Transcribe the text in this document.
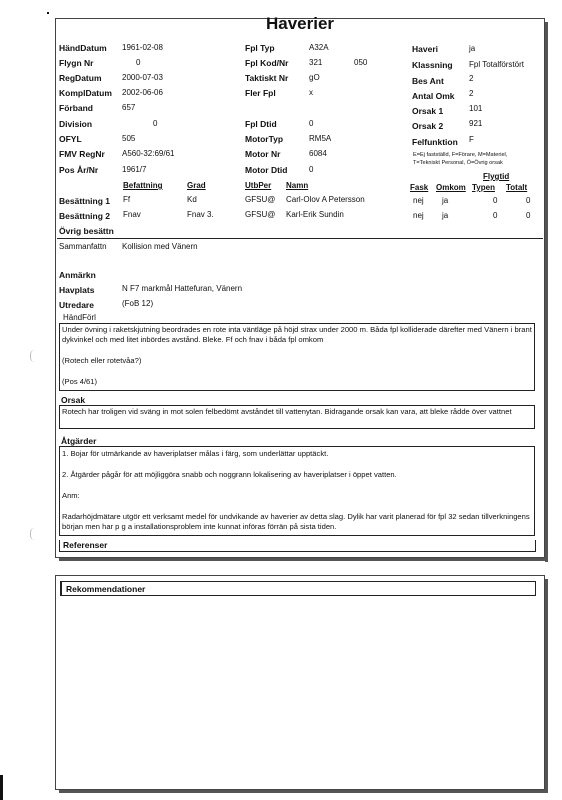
Haverier
HändDatum 1961-02-08
Flygn Nr	0
RegDatum	2000-07-03
KomplDatum 2002-06-06
Förband	657
Division	0
OFYL	505
FMV RegNr A560-32:69/61
Pos År/Nr	1961/7
Fpl Typ	A32A
Fpl Kod/Nr	321	050
Taktiskt Nr	gO
Fler Fpl	x
Fpl Dtid	0
MotorTyp	RM5A
Motor Nr	6084
Motor Dtid	0
Haveri	ja
Klassning Fpl Totalförstört
Bes Ant	2
Antal Omk 2
Orsak 1	101
Orsak 2	921
Felfunktion F
E=Ej fastställd, F=Förare, M=Materiel,
T=Tekniskt Personal, Ö=Övrig orsak
Befattning	Grad	UtbPer Namn
Flygtid
Fask Omkom Typen Totalt
Besättning 1 Ff	Kd	GFSU@ Carl-Olov A Petersson	nej ja	0	0
Besättning 2 Fnav	Fnav 3.	GFSU@ Karl-Erik Sundin	nej ja	0	0
Övrig besättn
Sammanfattn Kollision med Vänern
Anmärkn
Havplats	N F7 markmål Hattefuran, Vänern
Utredare	(FoB 12)
HändFörl
Under övning i raketskjutning beordrades en rote inta väntläge på höjd strax under 2000 m. Båda fpl kolliderade därefter med Vänern i brant dykvinkel och med litet inbördes avstånd. Bleke. Ff och fnav i båda fpl omkom
(Rotech eller rotetvåa?)
(Pos 4/61)
Orsak
Rotech har troligen vid sväng in mot solen felbedömt avståndet till vattenytan. Bidragande orsak kan vara, att bleke rådde över vattnet
Åtgärder
1. Bojar för utmärkande av haveriplatser målas i färg, som underlättar upptäckt.
2. Åtgärder pågår för att möjliggöra snabb och noggrann lokalisering av haveriplatser i öppet vatten.
Anm:
Radarhöjdmätare utgör ett verksamt medel för undvikande av haverier av detta slag. Dylik har varit planerad för fpl 32 sedan tillverkningens början men har p g a installationsproblem inte kunnat införas förrän på sista tiden.
Referenser
Rekommendationer
